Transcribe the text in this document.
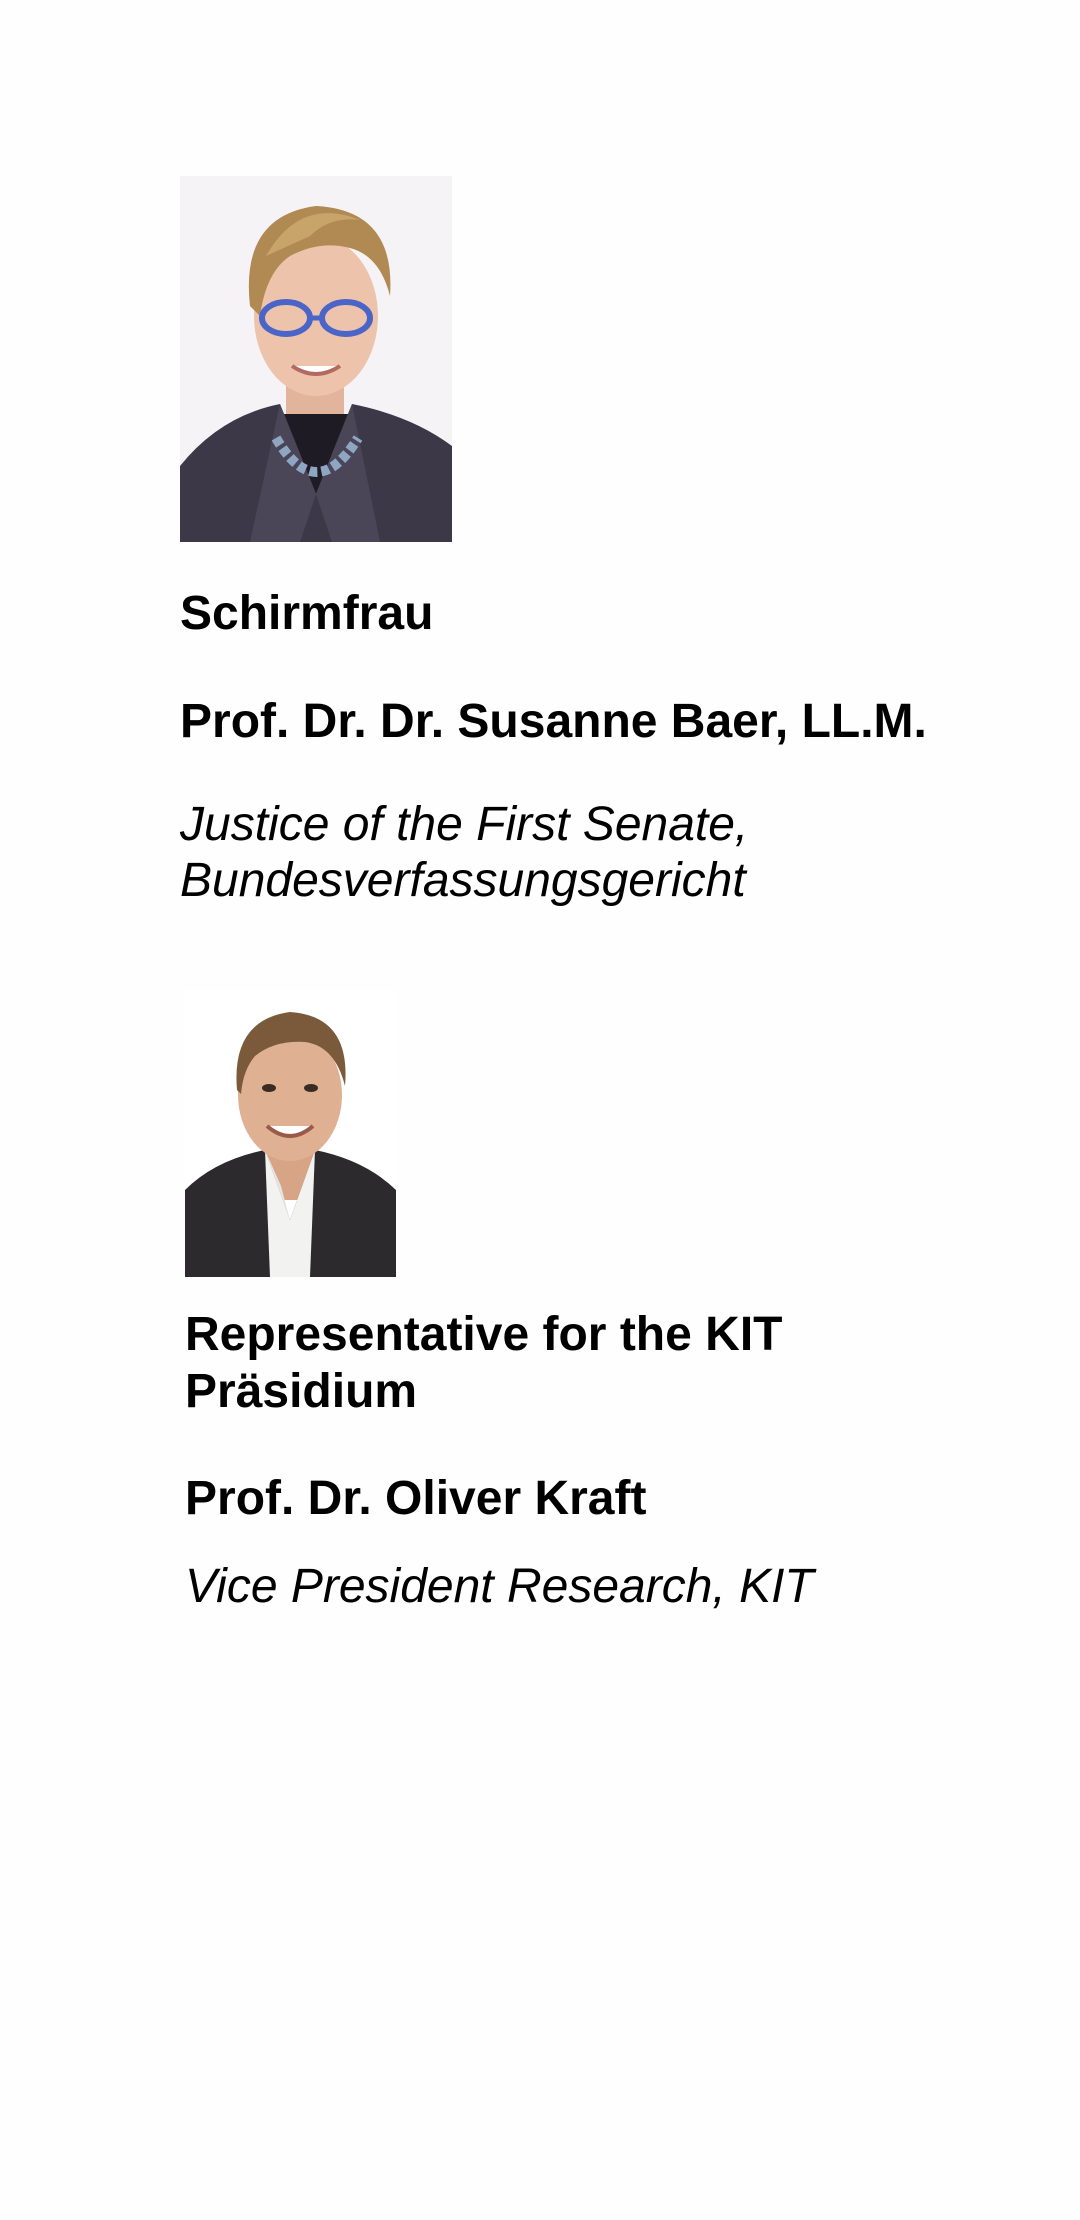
Schirmfrau
Prof. Dr. Dr. Susanne Baer, LL.M.
Justice of the First Senate, Bundesverfassungsgericht
Representative for the KIT Präsidium
Prof. Dr. Oliver Kraft
Vice President Research, KIT
